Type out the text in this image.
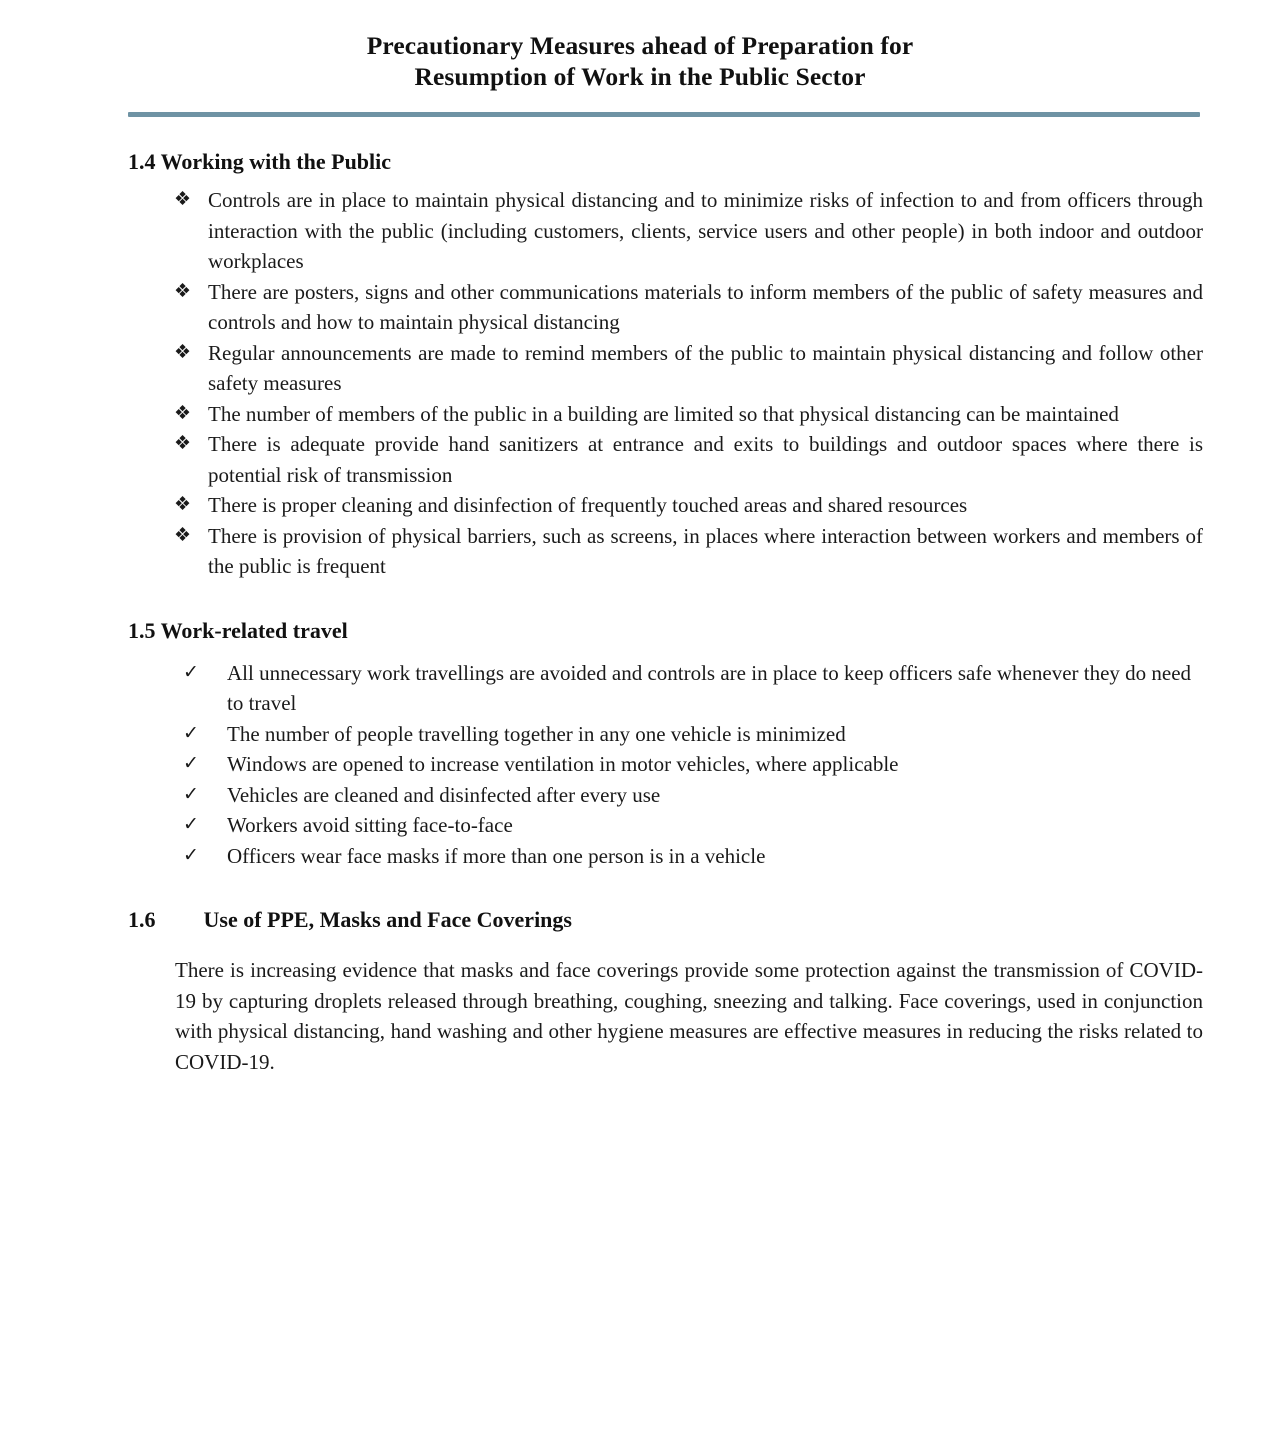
Precautionary Measures ahead of Preparation for
Resumption of Work in the Public Sector
1.4 Working with the Public
❖ Controls are in place to maintain physical distancing and to minimize risks of infection to and from officers through interaction with the public (including customers, clients, service users and other people) in both indoor and outdoor workplaces
❖ There are posters, signs and other communications materials to inform members of the public of safety measures and controls and how to maintain physical distancing
❖ Regular announcements are made to remind members of the public to maintain physical distancing and follow other safety measures
❖ The number of members of the public in a building are limited so that physical distancing can be maintained
❖ There is adequate provide hand sanitizers at entrance and exits to buildings and outdoor spaces where there is potential risk of transmission
❖ There is proper cleaning and disinfection of frequently touched areas and shared resources
❖ There is provision of physical barriers, such as screens, in places where interaction between workers and members of the public is frequent
1.5 Work-related travel
✓ All unnecessary work travellings are avoided and controls are in place to keep officers safe whenever they do need to travel
✓ The number of people travelling together in any one vehicle is minimized
✓ Windows are opened to increase ventilation in motor vehicles, where applicable
✓ Vehicles are cleaned and disinfected after every use
✓ Workers avoid sitting face-to-face
✓ Officers wear face masks if more than one person is in a vehicle
1.6 Use of PPE, Masks and Face Coverings

There is increasing evidence that masks and face coverings provide some protection against the transmission of COVID-19 by capturing droplets released through breathing, coughing, sneezing and talking. Face coverings, used in conjunction with physical distancing, hand washing and other hygiene measures are effective measures in reducing the risks related to COVID-19.
